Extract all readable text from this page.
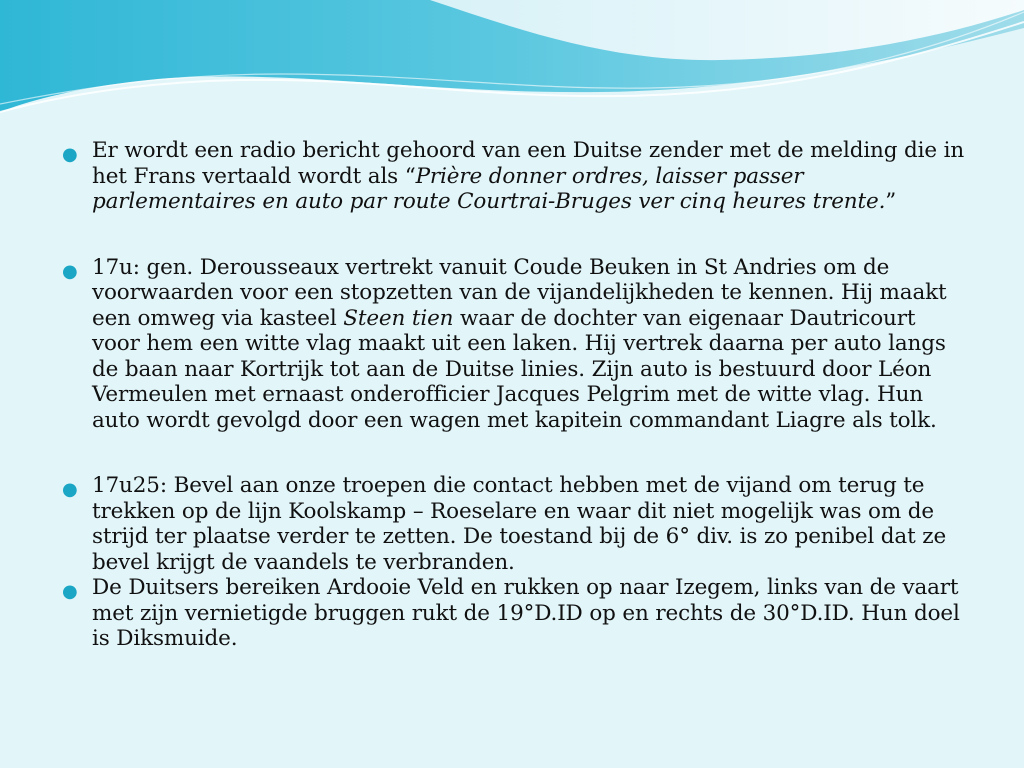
● Er wordt een radio bericht gehoord van een Duitse zender met de melding die in het Frans vertaald wordt als “Prière donner ordres, laisser passer parlementaires en auto par route Courtrai-Bruges ver cinq heures trente.”
● 17u: gen. Derousseaux vertrekt vanuit Coude Beuken in St Andries om de voorwaarden voor een stopzetten van de vijandelijkheden te kennen. Hij maakt een omweg via kasteel Steen tien waar de dochter van eigenaar Dautricourt voor hem een witte vlag maakt uit een laken. Hij vertrek daarna per auto langs de baan naar Kortrijk tot aan de Duitse linies. Zijn auto is bestuurd door Léon Vermeulen met ernaast onderofficier Jacques Pelgrim met de witte vlag. Hun auto wordt gevolgd door een wagen met kapitein commandant Liagre als tolk.
● 17u25: Bevel aan onze troepen die contact hebben met de vijand om terug te trekken op de lijn Koolskamp – Roeselare en waar dit niet mogelijk was om de strijd ter plaatse verder te zetten. De toestand bij de 6° div. is zo penibel dat ze bevel krijgt de vaandels te verbranden.
● De Duitsers bereiken Ardooie Veld en rukken op naar Izegem, links van de vaart met zijn vernietigde bruggen rukt de 19°D.ID op en rechts de 30°D.ID. Hun doel is Diksmuide.
